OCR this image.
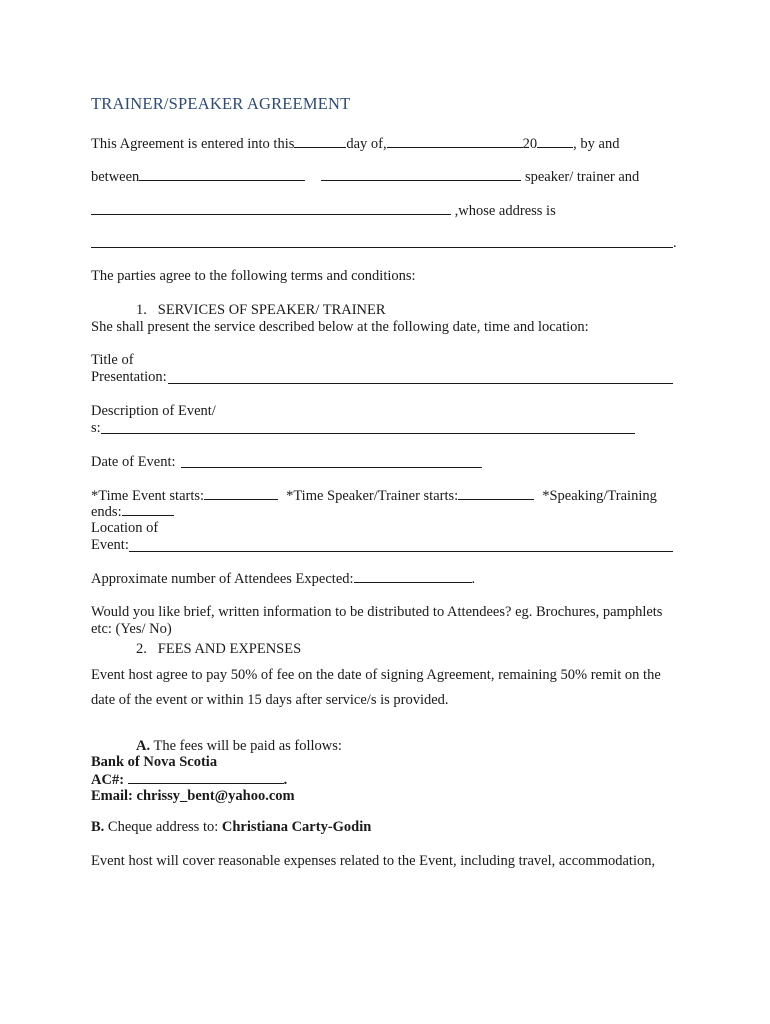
TRAINER/SPEAKER AGREEMENT
This Agreement is entered into this	day of,	20 , by and
between	speaker/ trainer and
,whose address is
.
The parties agree to the following terms and conditions:
1. SERVICES OF SPEAKER/ TRAINER
She shall present the service described below at the following date, time and location:
Title of
Presentation:
Description of Event/
s:
Date of Event:
*Time Event starts:	*Time Speaker/Trainer starts:	*Speaking/Training
ends:
Location of
Event:
Approximate number of Attendees Expected:	.
Would you like brief, written information to be distributed to Attendees? eg. Brochures, pamphlets
etc: (Yes/ No)
2. FEES AND EXPENSES
Event host agree to pay 50% of fee on the date of signing Agreement, remaining 50% remit on the
date of the event or within 15 days after service/s is provided.
A. The fees will be paid as follows:
Bank of Nova Scotia
AC#:	.
Email: chrissy_bent@yahoo.com
B. Cheque address to: Christiana Carty-Godin
Event host will cover reasonable expenses related to the Event, including travel, accommodation,
